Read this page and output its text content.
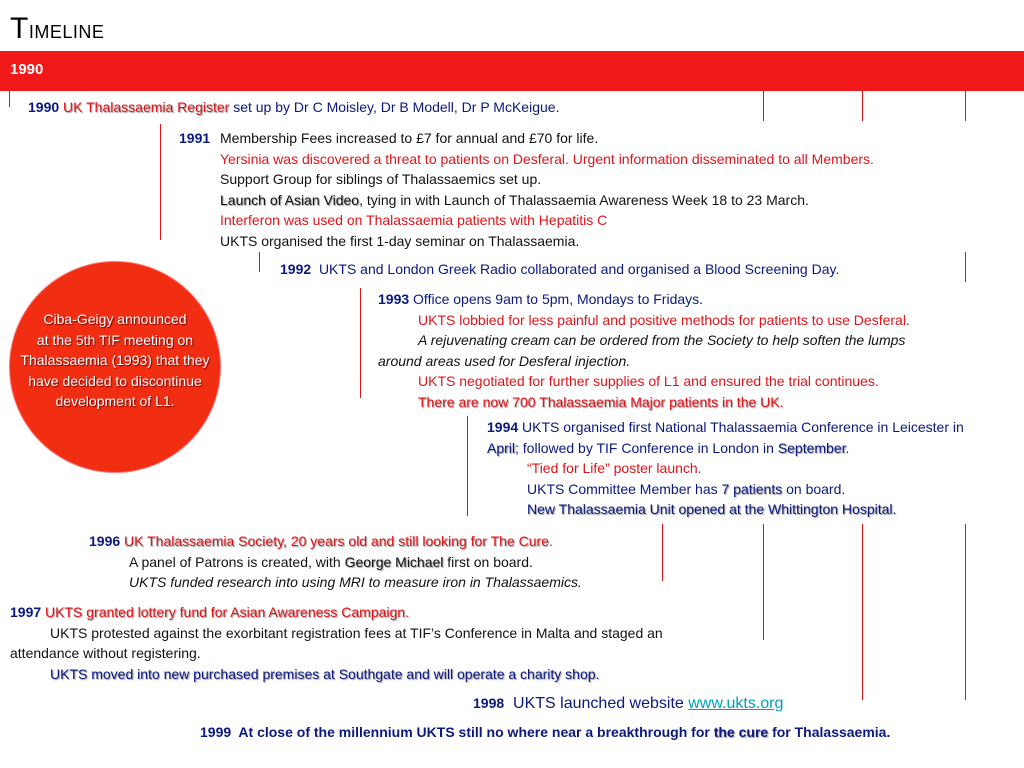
TIMELINE
1990
1990 UK Thalassaemia Register set up by Dr C Moisley, Dr B Modell, Dr P McKeigue.
1991 Membership Fees increased to £7 for annual and £70 for life.
Yersinia was discovered a threat to patients on Desferal. Urgent information disseminated to all Members.
Support Group for siblings of Thalassaemics set up.
Launch of Asian Video, tying in with Launch of Thalassaemia Awareness Week 18 to 23 March.
Interferon was used on Thalassaemia patients with Hepatitis C
UKTS organised the first 1-day seminar on Thalassaemia.
1992 UKTS and London Greek Radio collaborated and organised a Blood Screening Day.
1993 Office opens 9am to 5pm, Mondays to Fridays.
UKTS lobbied for less painful and positive methods for patients to use Desferal.
A rejuvenating cream can be ordered from the Society to help soften the lumps
around areas used for Desferal injection.
UKTS negotiated for further supplies of L1 and ensured the trial continues.
There are now 700 Thalassaemia Major patients in the UK.
Ciba-Geigy announced
at the 5th TIF meeting on
Thalassaemia (1993) that they
have decided to discontinue
development of L1.
1994 UKTS organised first National Thalassaemia Conference in Leicester in
April; followed by TIF Conference in London in September.
“Tied for Life” poster launch.
UKTS Committee Member has 7 patients on board.
New Thalassaemia Unit opened at the Whittington Hospital.
1996 UK Thalassaemia Society, 20 years old and still looking for The Cure.
A panel of Patrons is created, with George Michael first on board.
UKTS funded research into using MRI to measure iron in Thalassaemics.
1997 UKTS granted lottery fund for Asian Awareness Campaign.
UKTS protested against the exorbitant registration fees at TIF’s Conference in Malta and staged an
attendance without registering.
UKTS moved into new purchased premises at Southgate and will operate a charity shop.
1998 UKTS launched website www.ukts.org
1999 At close of the millennium UKTS still no where near a breakthrough for the cure for Thalassaemia.
